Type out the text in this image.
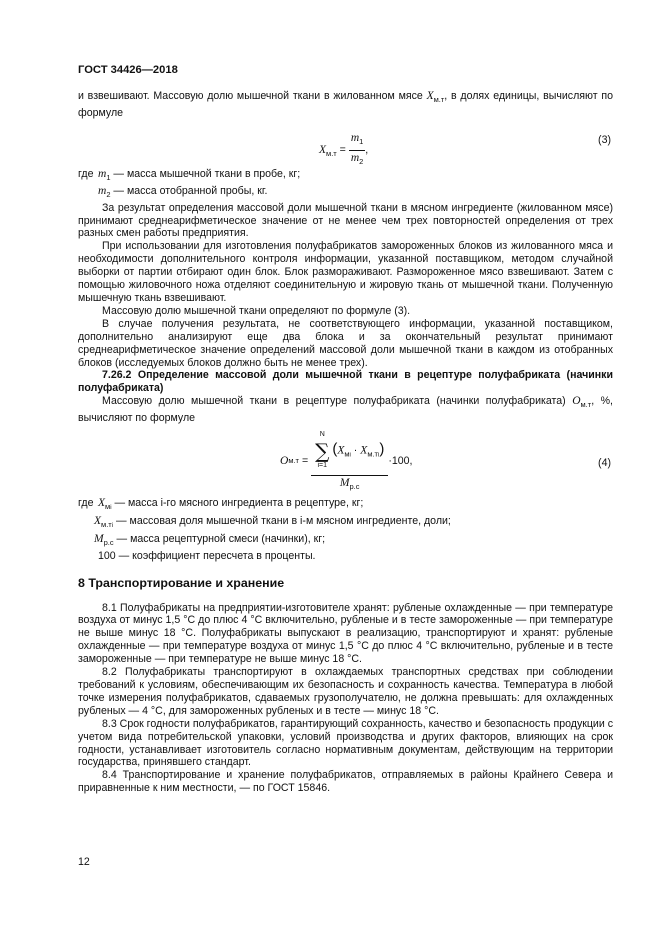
ГОСТ 34426—2018

и взвешивают. Массовую долю мышечной ткани в жилованном мясе $X_{м.т}$, в долях единицы, вычисляют по формуле

$X_{м.т} = \frac{m_1}{m_2}$ ,
(3)
где $m_1$ — масса мышечной ткани в пробе, кг;
$m_2$ — масса отобранной пробы, кг.

За результат определения массовой доли мышечной ткани в мясном ингредиенте (жилованном мясе) принимают среднеарифметическое значение от не менее чем трех повторностей определения от трех разных смен работы предприятия.

При использовании для изготовления полуфабрикатов замороженных блоков из жилованного мяса и необходимости дополнительного контроля информации, указанной поставщиком, методом случайной выборки от партии отбирают один блок. Блок размораживают. Размороженное мясо взвешивают. Затем с помощью жиловочного ножа отделяют соединительную и жировую ткань от мышечной ткани. Полученную мышечную ткань взвешивают.

Массовую долю мышечной ткани определяют по формуле (3).

В случае получения результата, не соответствующего информации, указанной поставщиком, дополнительно анализируют еще два блока и за окончательный результат принимают среднеарифметическое значение определений массовой доли мышечной ткани в каждом из отобранных блоков (исследуемых блоков должно быть не менее трех).

7.26.2 Определение массовой доли мышечной ткани в рецептуре полуфабриката (начинки полуфабриката)

Массовую долю мышечной ткани в рецептуре полуфабриката (начинки полуфабриката) $O_{м.т}$, %, вычисляют по формуле

O м.т =
N
∑
i=1
$(X_{мi} \cdot X_{м.тi})$
$M_{р.с}$
·100,	(4)
где $X_{мi}$ — масса i-го мясного ингредиента в рецептуре, кг;
$X_{м.тi}$ — массовая доля мышечной ткани в i-м мясном ингредиенте, доли;
$M_{р.с}$ — масса рецептурной смеси (начинки), кг;
100 — коэффициент пересчета в проценты.
8 Транспортирование и хранение

8.1 Полуфабрикаты на предприятии-изготовителе хранят: рубленые охлажденные — при температуре воздуха от минус 1,5 °С до плюс 4 °С включительно, рубленые и в тесте замороженные — при температуре не выше минус 18 °С. Полуфабрикаты выпускают в реализацию, транспортируют и хранят: рубленые охлажденные — при температуре воздуха от минус 1,5 °С до плюс 4 °С включительно, рубленые и в тесте замороженные — при температуре не выше минус 18 °С.

8.2 Полуфабрикаты транспортируют в охлаждаемых транспортных средствах при соблюдении требований к условиям, обеспечивающим их безопасность и сохранность качества. Температура в любой точке измерения полуфабрикатов, сдаваемых грузополучателю, не должна превышать: для охлажденных рубленых — 4 °С, для замороженных рубленых и в тесте — минус 18 °С.

8.3 Срок годности полуфабрикатов, гарантирующий сохранность, качество и безопасность продукции с учетом вида потребительской упаковки, условий производства и других факторов, влияющих на срок годности, устанавливает изготовитель согласно нормативным документам, действующим на территории государства, принявшего стандарт.

8.4 Транспортирование и хранение полуфабрикатов, отправляемых в районы Крайнего Севера и приравненные к ним местности, — по ГОСТ 15846.

12
